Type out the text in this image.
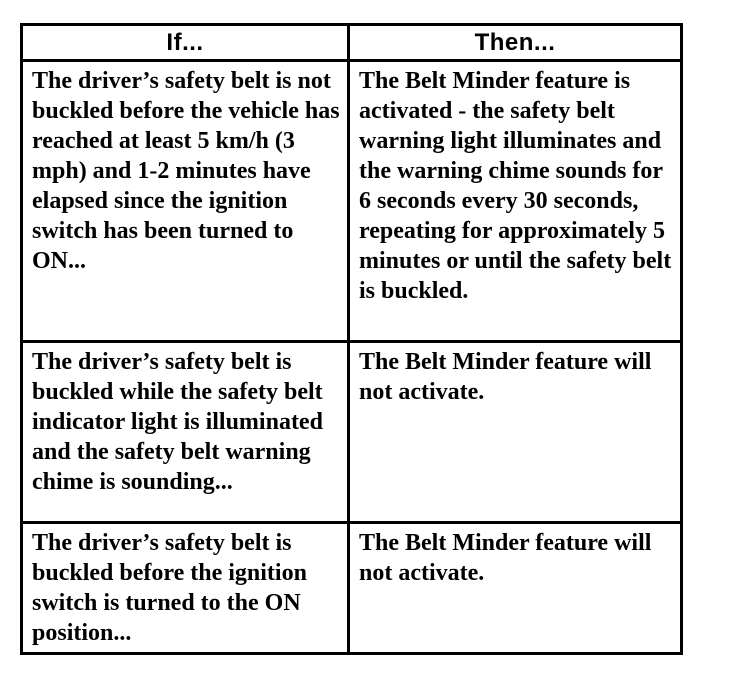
If...	Then...

The driver’s safety belt is not buckled before the vehicle has reached at least 5 km/h (3 mph) and 1-2 minutes have elapsed since the ignition switch has been turned to ON...	The Belt Minder feature is activated - the safety belt warning light illuminates and the warning chime sounds for 6 seconds every 30 seconds, repeating for approximately 5 minutes or until the safety belt is buckled.

The driver’s safety belt is buckled while the safety belt indicator light is illuminated and the safety belt warning chime is sounding...	The Belt Minder feature will not activate.

The driver’s safety belt is buckled before the ignition switch is turned to the ON position...	The Belt Minder feature will not activate.
